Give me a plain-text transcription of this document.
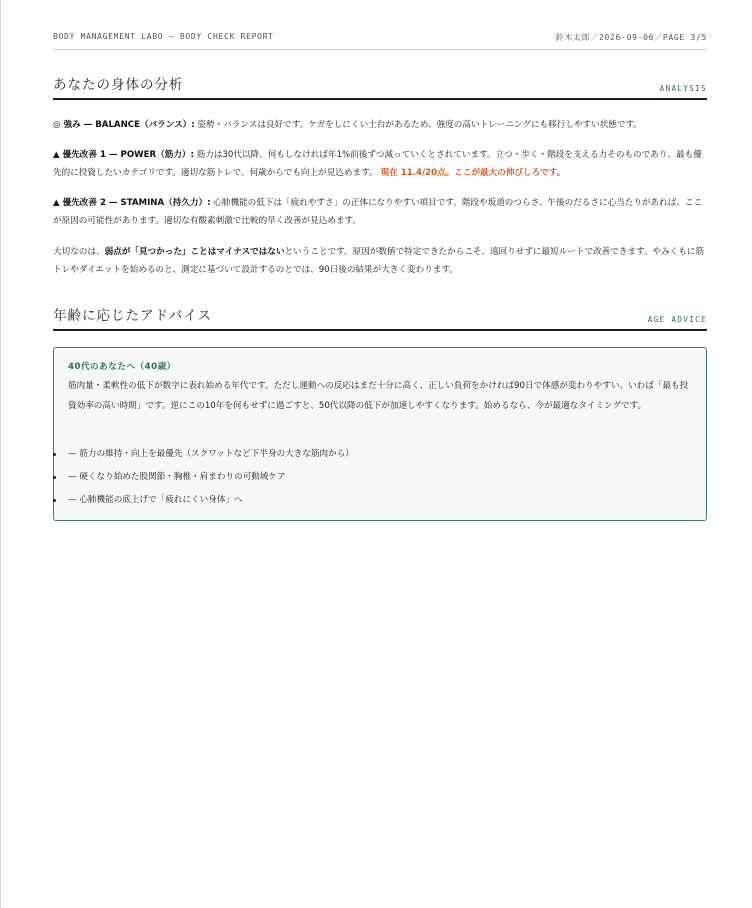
BODY MANAGEMENT LABO — BODY CHECK REPORT	鈴木太郎／2026-09-06／PAGE 3/5
あなたの身体の分析	ANALYSIS

◎ 強み — BALANCE（バランス）: 姿勢・バランスは良好です。ケガをしにくい土台があるため、強度の高いトレーニングにも移行しやすい状態です。

▲ 優先改善 1 — POWER（筋力）: 筋力は30代以降、何もしなければ年1%前後ずつ減っていくとされています。立つ・歩く・階段を支える力そのものであり、最も優先的に投資したいカテゴリです。適切な筋トレで、何歳からでも向上が見込めます。 現在 11.4/20点。ここが最大の伸びしろです。

▲ 優先改善 2 — STAMINA（持久力）: 心肺機能の低下は「疲れやすさ」の正体になりやすい項目です。階段や坂道のつらさ、午後のだるさに心当たりがあれば、ここが原因の可能性があります。適切な有酸素刺激で比較的早く改善が見込めます。

大切なのは、弱点が「見つかった」ことはマイナスではないということです。原因が数値で特定できたからこそ、遠回りせずに最短ルートで改善できます。やみくもに筋トレやダイエットを始めるのと、測定に基づいて設計するのとでは、90日後の結果が大きく変わります。

年齢に応じたアドバイス	AGE ADVICE
40代のあなたへ（40歳）
筋肉量・柔軟性の低下が数字に表れ始める年代です。ただし運動への反応はまだ十分に高く、正しい負荷をかければ90日で体感が変わりやすい、いわば「最も投資効率の高い時期」です。逆にこの10年を何もせずに過ごすと、50代以降の低下が加速しやすくなります。始めるなら、今が最適なタイミングです。
— 筋力の維持・向上を最優先（スクワットなど下半身の大きな筋肉から）
— 硬くなり始めた股関節・胸椎・肩まわりの可動域ケア
— 心肺機能の底上げで「疲れにくい身体」へ
